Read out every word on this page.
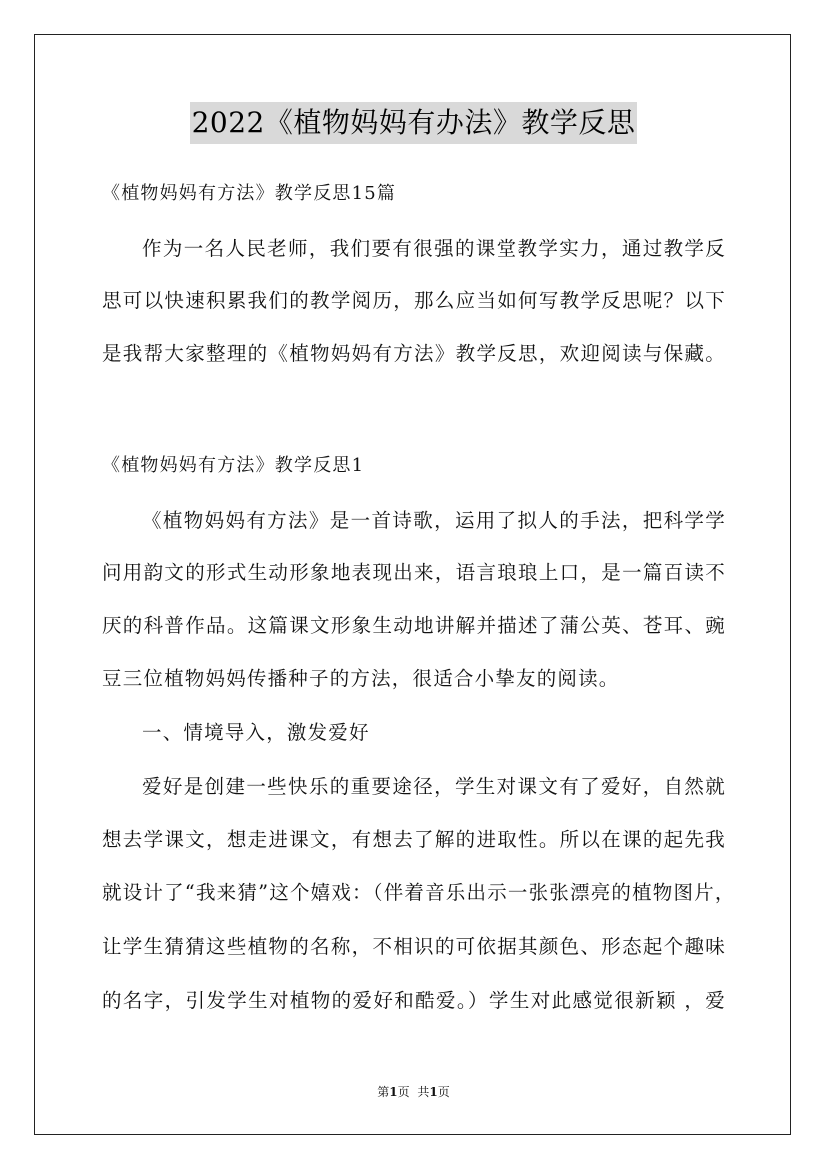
2022《植物妈妈有办法》教学反思
《植物妈妈有方法》教学反思15篇
作为一名人民老师，我们要有很强的课堂教学实力，通过教学反
思可以快速积累我们的教学阅历，那么应当如何写教学反思呢？以下
是我帮大家整理的《植物妈妈有方法》教学反思，欢迎阅读与保藏。
《植物妈妈有方法》教学反思1
《植物妈妈有方法》是一首诗歌，运用了拟人的手法，把科学学
问用韵文的形式生动形象地表现出来，语言琅琅上口，是一篇百读不
厌的科普作品。这篇课文形象生动地讲解并描述了蒲公英、苍耳、豌
豆三位植物妈妈传播种子的方法，很适合小挚友的阅读。
一、情境导入，激发爱好
爱好是创建一些快乐的重要途径，学生对课文有了爱好，自然就
想去学课文，想走进课文，有想去了解的进取性。所以在课的起先我
就设计了“我来猜”这个嬉戏：（伴着音乐出示一张张漂亮的植物图片，
让学生猜猜这些植物的名称，不相识的可依据其颜色、形态起个趣味
的名字，引发学生对植物的爱好和酷爱。）学生对此感觉很新颖 ，爱
第1页 共1页
